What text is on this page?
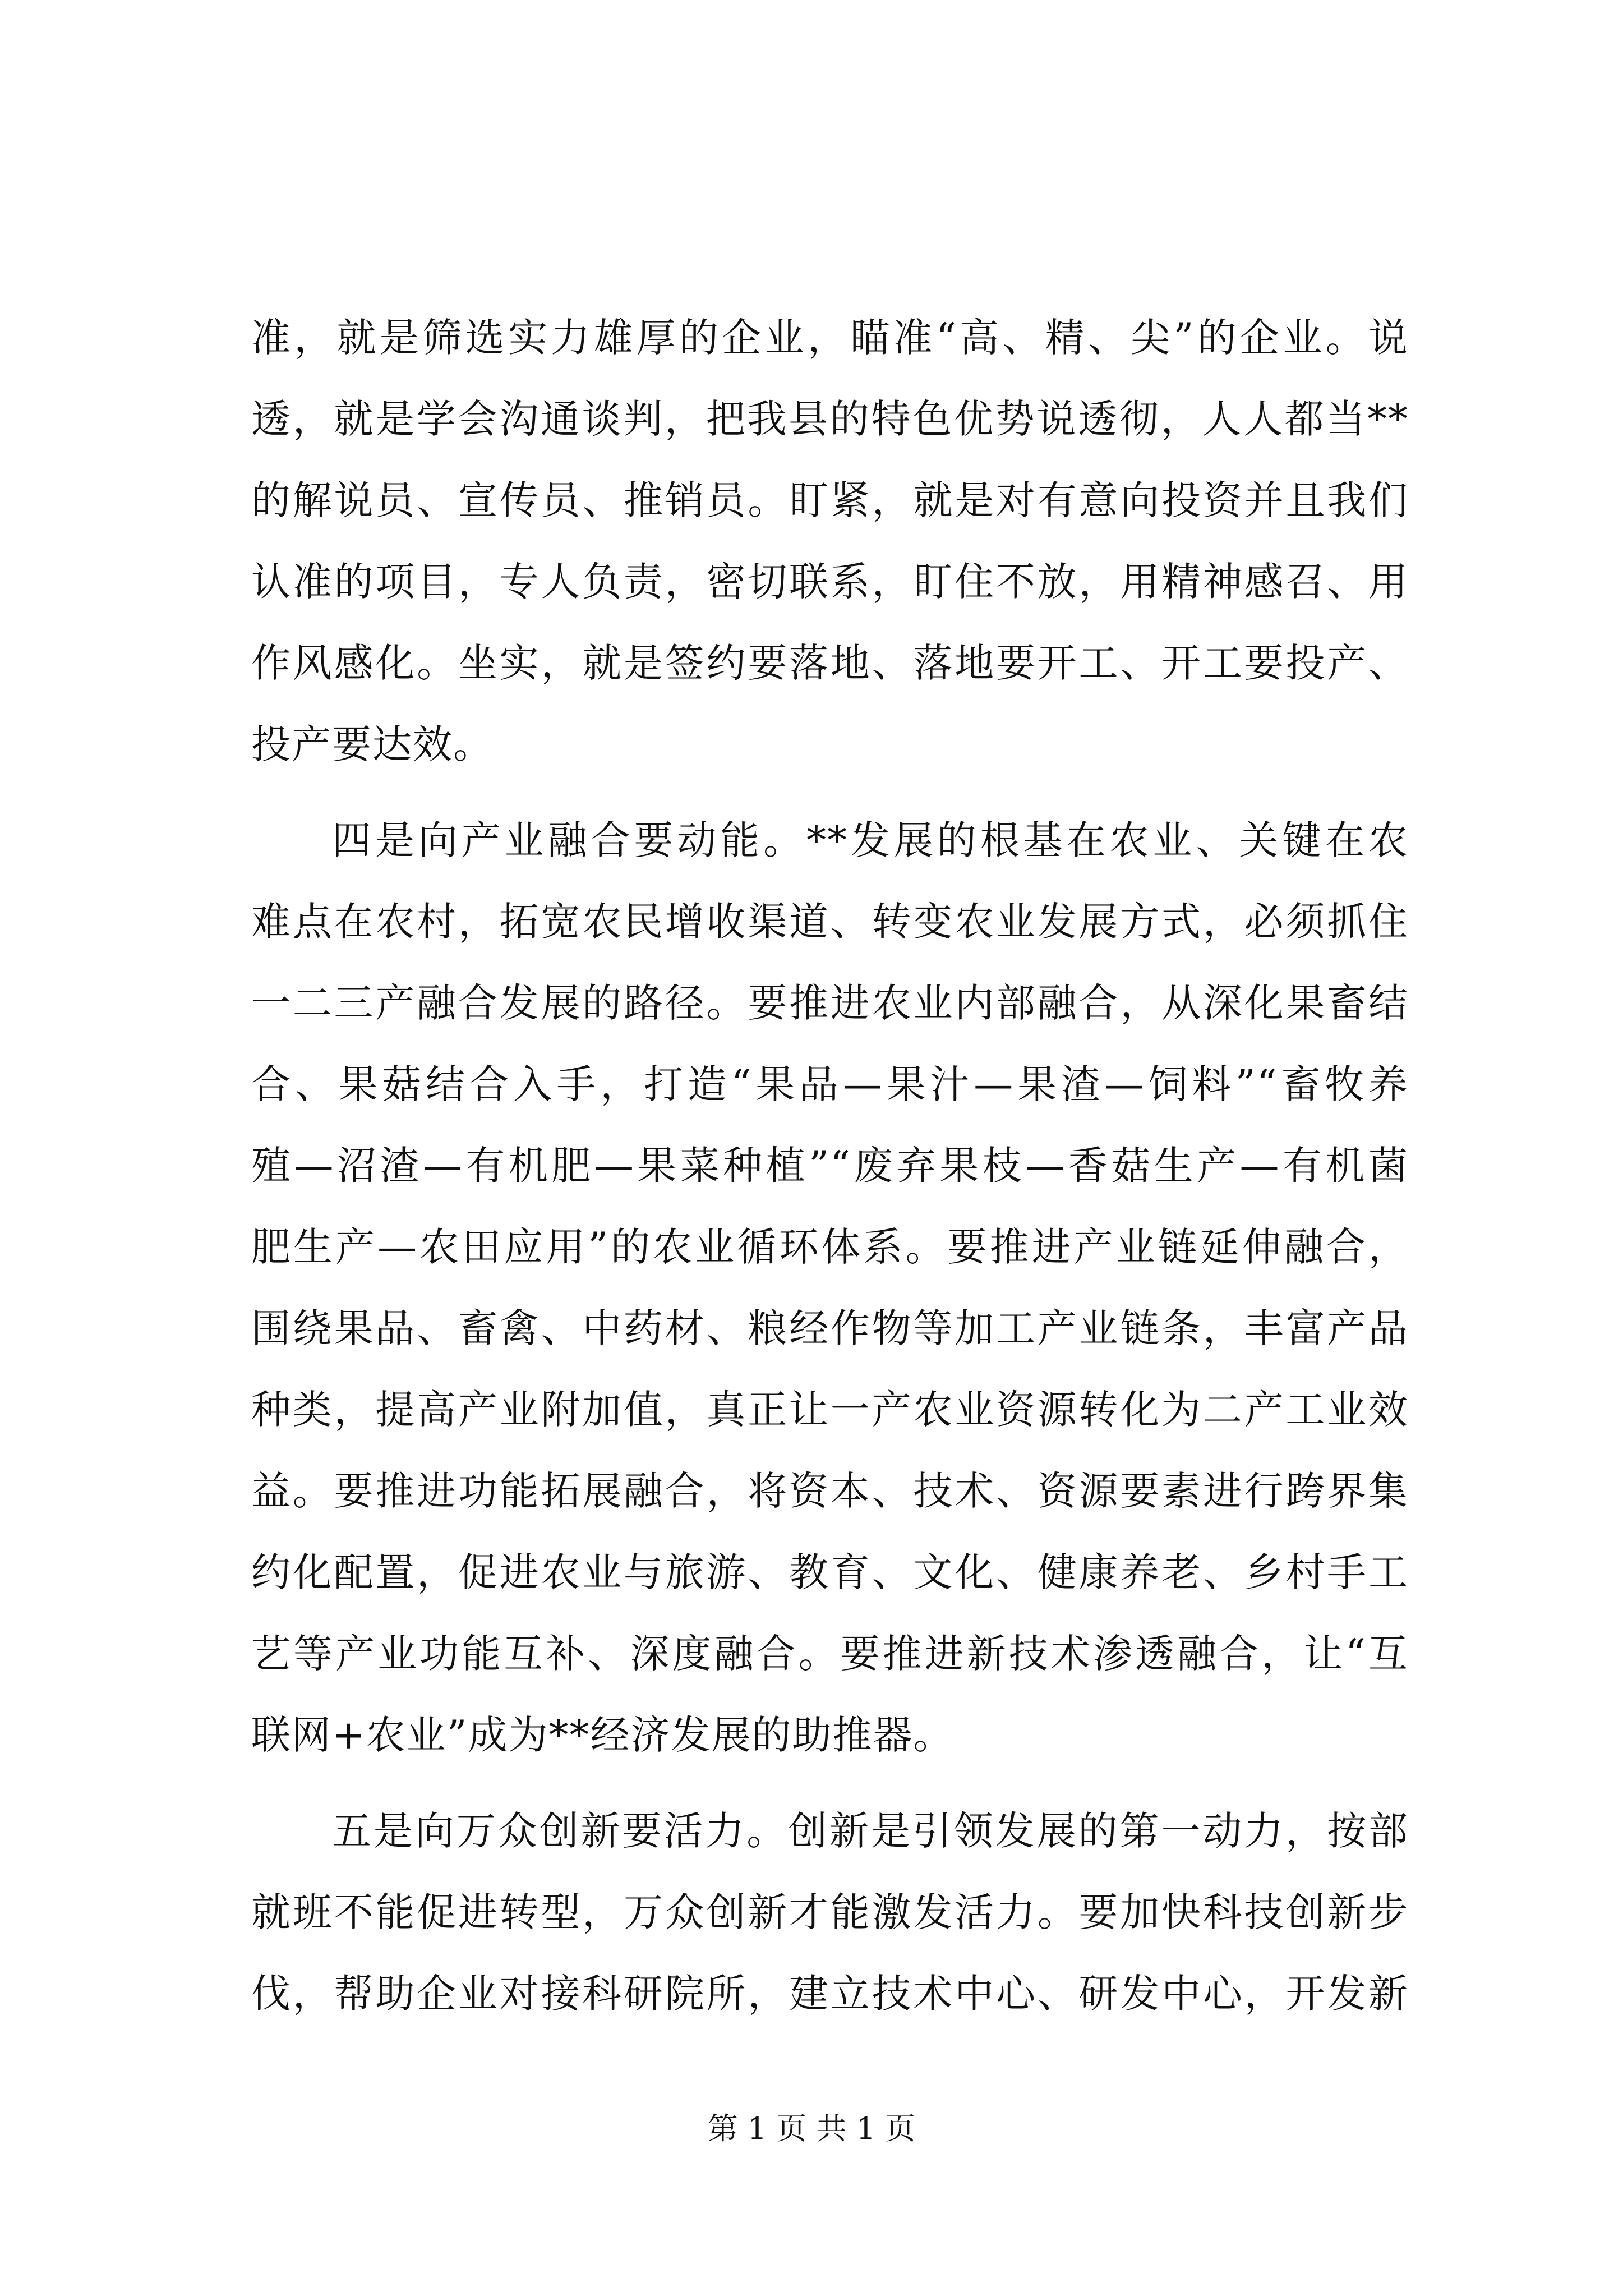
准，就是筛选实力雄厚的企业，瞄准“高、精、尖”的企业。说
透，就是学会沟通谈判，把我县的特色优势说透彻，人人都当**
的解说员、宣传员、推销员。盯紧，就是对有意向投资并且我们
认准的项目，专人负责，密切联系，盯住不放，用精神感召、用
作风感化。坐实，就是签约要落地、落地要开工、开工要投产、
投产要达效。
四是向产业融合要动能。**发展的根基在农业、关键在农
难点在农村，拓宽农民增收渠道、转变农业发展方式，必须抓住
一二三产融合发展的路径。要推进农业内部融合，从深化果畜结
合、果菇结合入手，打造“果品—果汁—果渣—饲料”“畜牧养
殖—沼渣—有机肥—果菜种植”“废弃果枝—香菇生产—有机菌
肥生产—农田应用”的农业循环体系。要推进产业链延伸融合，
围绕果品、畜禽、中药材、粮经作物等加工产业链条，丰富产品
种类，提高产业附加值，真正让一产农业资源转化为二产工业效
益。要推进功能拓展融合，将资本、技术、资源要素进行跨界集
约化配置，促进农业与旅游、教育、文化、健康养老、乡村手工
艺等产业功能互补、深度融合。要推进新技术渗透融合，让“互
联网+农业”成为**经济发展的助推器。
五是向万众创新要活力。创新是引领发展的第一动力，按部
就班不能促进转型，万众创新才能激发活力。要加快科技创新步
伐，帮助企业对接科研院所，建立技术中心、研发中心，开发新
第 1 页 共 1 页
